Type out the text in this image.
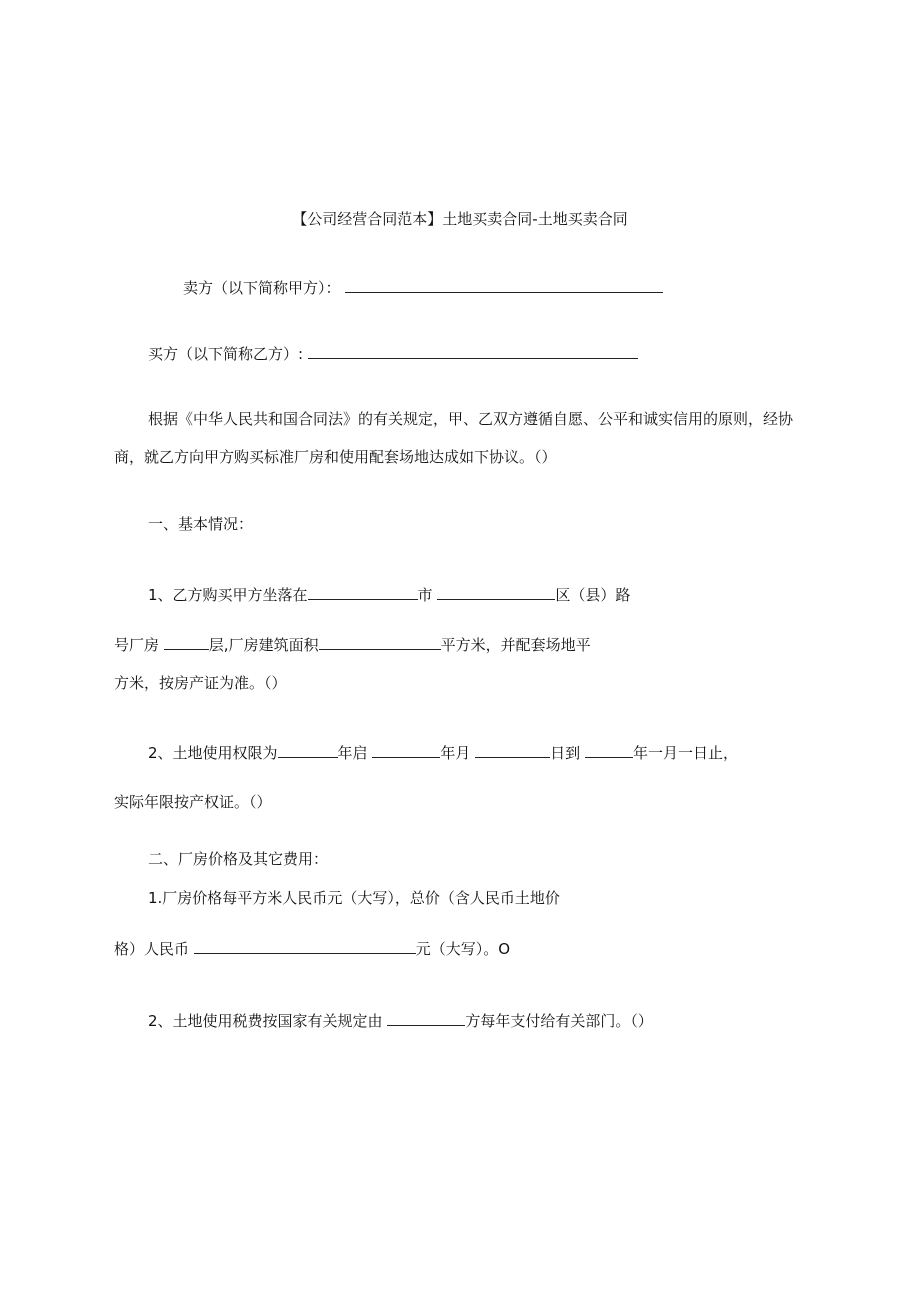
【公司经营合同范本】土地买卖合同-土地买卖合同
卖方（以下简称甲方）：
买方（以下简称乙方）:
根据《中华人民共和国合同法》的有关规定，甲、乙双方遵循自愿、公平和诚实信用的原则，经协
商，就乙方向甲方购买标准厂房和使用配套场地达成如下协议。（）
一、基本情况：
1、乙方购买甲方坐落在	市	区（县）路
号厂房	层,厂房建筑面积	平方米，并配套场地平
方米，按房产证为准。（）
2、土地使用权限为	年启	年月	日到	年一月一日止，
实际年限按产权证。（）
二、厂房价格及其它费用：
1.厂房价格每平方米人民币元（大写），总价（含人民币土地价
格）人民币	元（大写）。O
2、土地使用税费按国家有关规定由	方每年支付给有关部门。（）
